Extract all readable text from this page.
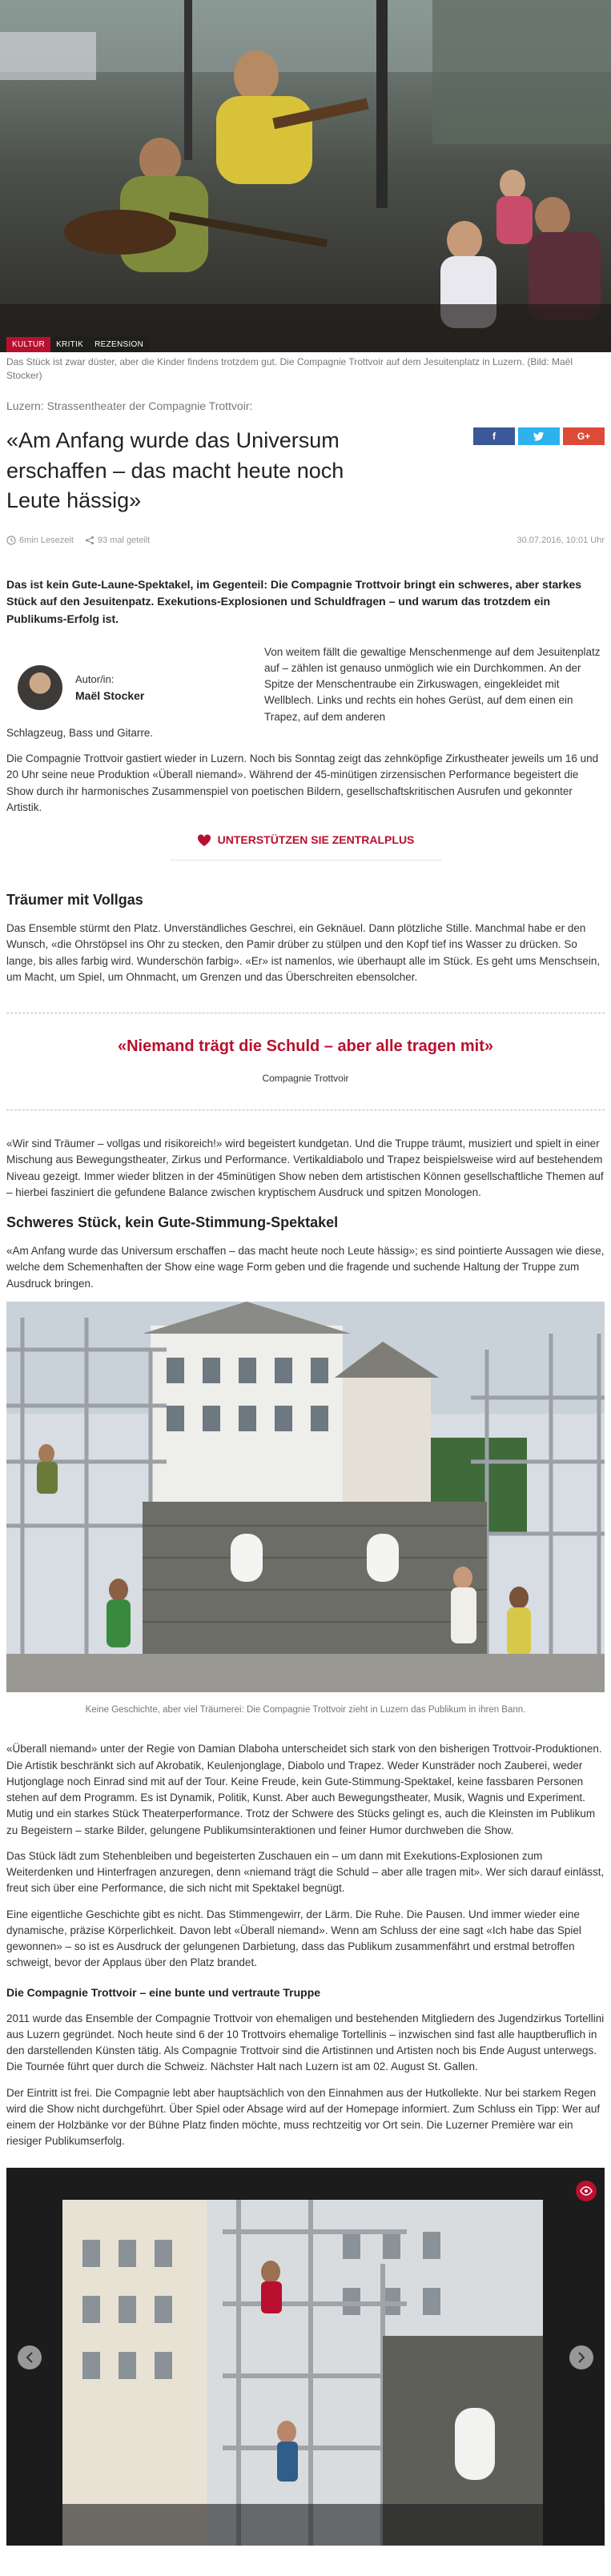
KULTUR	KRITIK	REZENSION
Das Stück ist zwar düster, aber die Kinder findens trotzdem gut. Die Compagnie Trottvoir auf dem Jesuitenplatz in Luzern. (Bild: Maël Stocker)
Luzern: Strassentheater der Compagnie Trottvoir:
«Am Anfang wurde das Universum erschaffen – das macht heute noch Leute hässig»
f	G+
6min Lesezeit	93 mal geteilt	30.07.2016, 10:01 Uhr

Das ist kein Gute-Laune-Spektakel, im Gegenteil: Die Compagnie Trottvoir bringt ein schweres, aber starkes Stück auf den Jesuitenpatz. Exekutions-Explosionen und Schuldfragen – und warum das trotzdem ein Publikums-Erfolg ist.

Autor/in:
Maël Stocker
Von weitem fällt die gewaltige Menschenmenge auf dem Jesuitenplatz auf – zählen ist genauso unmöglich wie ein Durchkommen. An der Spitze der Menschentraube ein Zirkuswagen, eingekleidet mit Wellblech. Links und rechts ein hohes Gerüst, auf dem einen ein Trapez, auf dem anderen
Schlagzeug, Bass und Gitarre.

Die Compagnie Trottvoir gastiert wieder in Luzern. Noch bis Sonntag zeigt das zehnköpfige Zirkustheater jeweils um 16 und 20 Uhr seine neue Produktion «Überall niemand». Während der 45-minütigen zirzensischen Performance begeistert die Show durch ihr harmonisches Zusammenspiel von poetischen Bildern, gesellschaftskritischen Ausrufen und gekonnter Artistik.

UNTERSTÜTZEN SIE ZENTRALPLUS
Träumer mit Vollgas

Das Ensemble stürmt den Platz. Unverständliches Geschrei, ein Geknäuel. Dann plötzliche Stille. Manchmal habe er den Wunsch, «die Ohrstöpsel ins Ohr zu stecken, den Pamir drüber zu stülpen und den Kopf tief ins Wasser zu drücken. So lange, bis alles farbig wird. Wunderschön farbig». «Er» ist namenlos, wie überhaupt alle im Stück. Es geht ums Menschsein, um Macht, um Spiel, um Ohnmacht, um Grenzen und das Überschreiten ebensolcher.

«Niemand trägt die Schuld – aber alle tragen mit»
Compagnie Trottvoir

«Wir sind Träumer – vollgas und risikoreich!» wird begeistert kundgetan. Und die Truppe träumt, musiziert und spielt in einer Mischung aus Bewegungstheater, Zirkus und Performance. Vertikaldiabolo und Trapez beispielsweise wird auf bestehendem Niveau gezeigt. Immer wieder blitzen in der 45minütigen Show neben dem artistischen Können gesellschaftliche Themen auf – hierbei fasziniert die gefundene Balance zwischen kryptischem Ausdruck und spitzen Monologen.

Schweres Stück, kein Gute-Stimmung-Spektakel

«Am Anfang wurde das Universum erschaffen – das macht heute noch Leute hässig»; es sind pointierte Aussagen wie diese, welche dem Schemenhaften der Show eine wage Form geben und die fragende und suchende Haltung der Truppe zum Ausdruck bringen.

Keine Geschichte, aber viel Träumerei: Die Compagnie Trottvoir zieht in Luzern das Publikum in ihren Bann.

«Überall niemand» unter der Regie von Damian Dlaboha unterscheidet sich stark von den bisherigen Trottvoir-Produktionen. Die Artistik beschränkt sich auf Akrobatik, Keulenjonglage, Diabolo und Trapez. Weder Kunsträder noch Zauberei, weder Hutjonglage noch Einrad sind mit auf der Tour. Keine Freude, kein Gute-Stimmung-Spektakel, keine fassbaren Personen stehen auf dem Programm. Es ist Dynamik, Politik, Kunst. Aber auch Bewegungstheater, Musik, Wagnis und Experiment. Mutig und ein starkes Stück Theaterperformance. Trotz der Schwere des Stücks gelingt es, auch die Kleinsten im Publikum zu Begeistern – starke Bilder, gelungene Publikumsinteraktionen und feiner Humor durchweben die Show.

Das Stück lädt zum Stehenbleiben und begeisterten Zuschauen ein – um dann mit Exekutions-Explosionen zum Weiterdenken und Hinterfragen anzuregen, denn «niemand trägt die Schuld – aber alle tragen mit». Wer sich darauf einlässt, freut sich über eine Performance, die sich nicht mit Spektakel begnügt.

Eine eigentliche Geschichte gibt es nicht. Das Stimmengewirr, der Lärm. Die Ruhe. Die Pausen. Und immer wieder eine dynamische, präzise Körperlichkeit. Davon lebt «Überall niemand». Wenn am Schluss der eine sagt «Ich habe das Spiel gewonnen» – so ist es Ausdruck der gelungenen Darbietung, dass das Publikum zusammenfährt und erstmal betroffen schweigt, bevor der Applaus über den Platz brandet.

Die Compagnie Trottvoir – eine bunte und vertraute Truppe

2011 wurde das Ensemble der Compagnie Trottvoir von ehemaligen und bestehenden Mitgliedern des Jugendzirkus Tortellini aus Luzern gegründet. Noch heute sind 6 der 10 Trottvoirs ehemalige Tortellinis – inzwischen sind fast alle hauptberuflich in den darstellenden Künsten tätig. Als Compagnie Trottvoir sind die Artistinnen und Artisten noch bis Ende August unterwegs. Die Tournée führt quer durch die Schweiz. Nächster Halt nach Luzern ist am 02. August St. Gallen.

Der Eintritt ist frei. Die Compagnie lebt aber hauptsächlich von den Einnahmen aus der Hutkollekte. Nur bei starkem Regen wird die Show nicht durchgeführt. Über Spiel oder Absage wird auf der Homepage informiert. Zum Schluss ein Tipp: Wer auf einem der Holzbänke vor der Bühne Platz finden möchte, muss rechtzeitig vor Ort sein. Die Luzerner Première war ein riesiger Publikumserfolg.
